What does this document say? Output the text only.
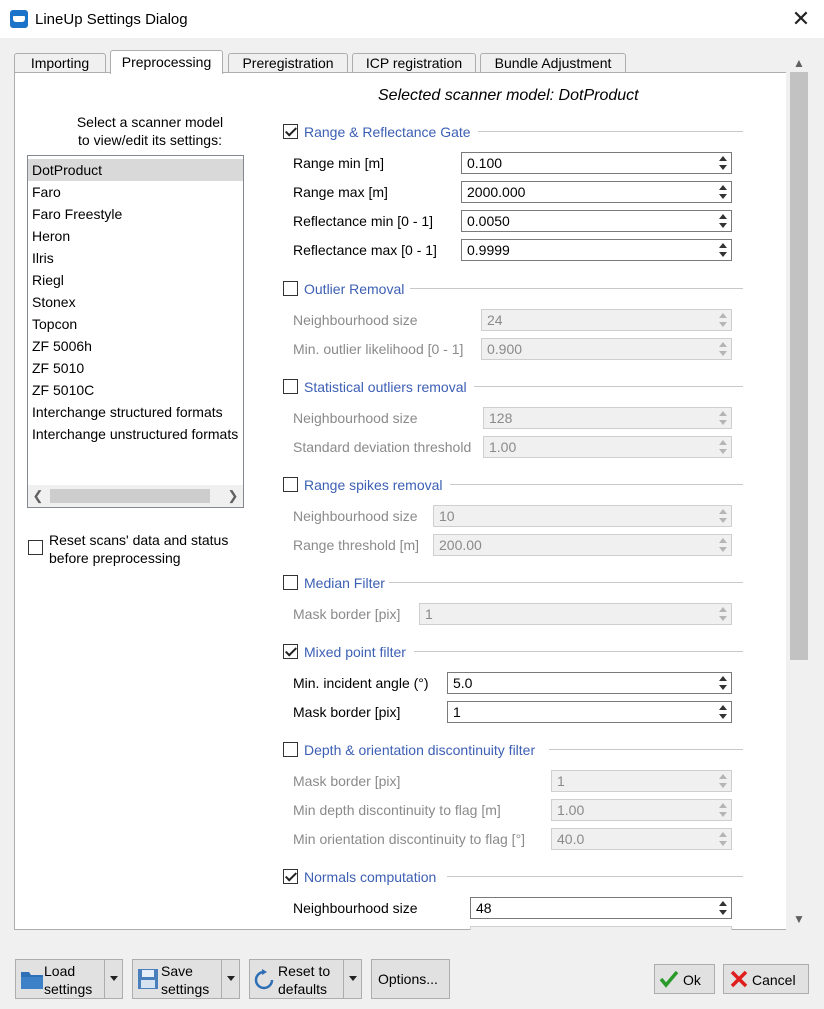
LineUp Settings Dialog	✕
Importing	Preprocessing	Preregistration	ICP registration	Bundle Adjustment	▲
▼
Select a scanner model
to view/edit its settings:
DotProduct
Faro
Faro Freestyle
Heron
Ilris
Riegl
Stonex
Topcon
ZF 5006h
ZF 5010
ZF 5010C
Interchange structured formats
Interchange unstructured formats
❮	❯
Reset scans' data and status
before preprocessing
Selected scanner model: DotProduct
Range & Reflectance Gate
Range min [m]	0.100
Range max [m]	2000.000
Reflectance min [0 - 1] 0.0050
Reflectance max [0 - 1] 0.9999
Outlier Removal
Neighbourhood size	24
Min. outlier likelihood [0 - 1] 0.900
Statistical outliers removal
Neighbourhood size	128
Standard deviation threshold 1.00
Range spikes removal
Neighbourhood size 10
Range threshold [m] 200.00
Median Filter
Mask border [pix] 1
Mixed point filter
Min. incident angle (°) 5.0
Mask border [pix]	1
Depth & orientation discontinuity filter
Mask border [pix]	1
Min depth discontinuity to flag [m]	1.00
Min orientation discontinuity to flag [°] 40.0
Normals computation
Neighbourhood size	48
Load
settings
Save
settings
Reset to
defaults
Options...	Ok	Cancel
